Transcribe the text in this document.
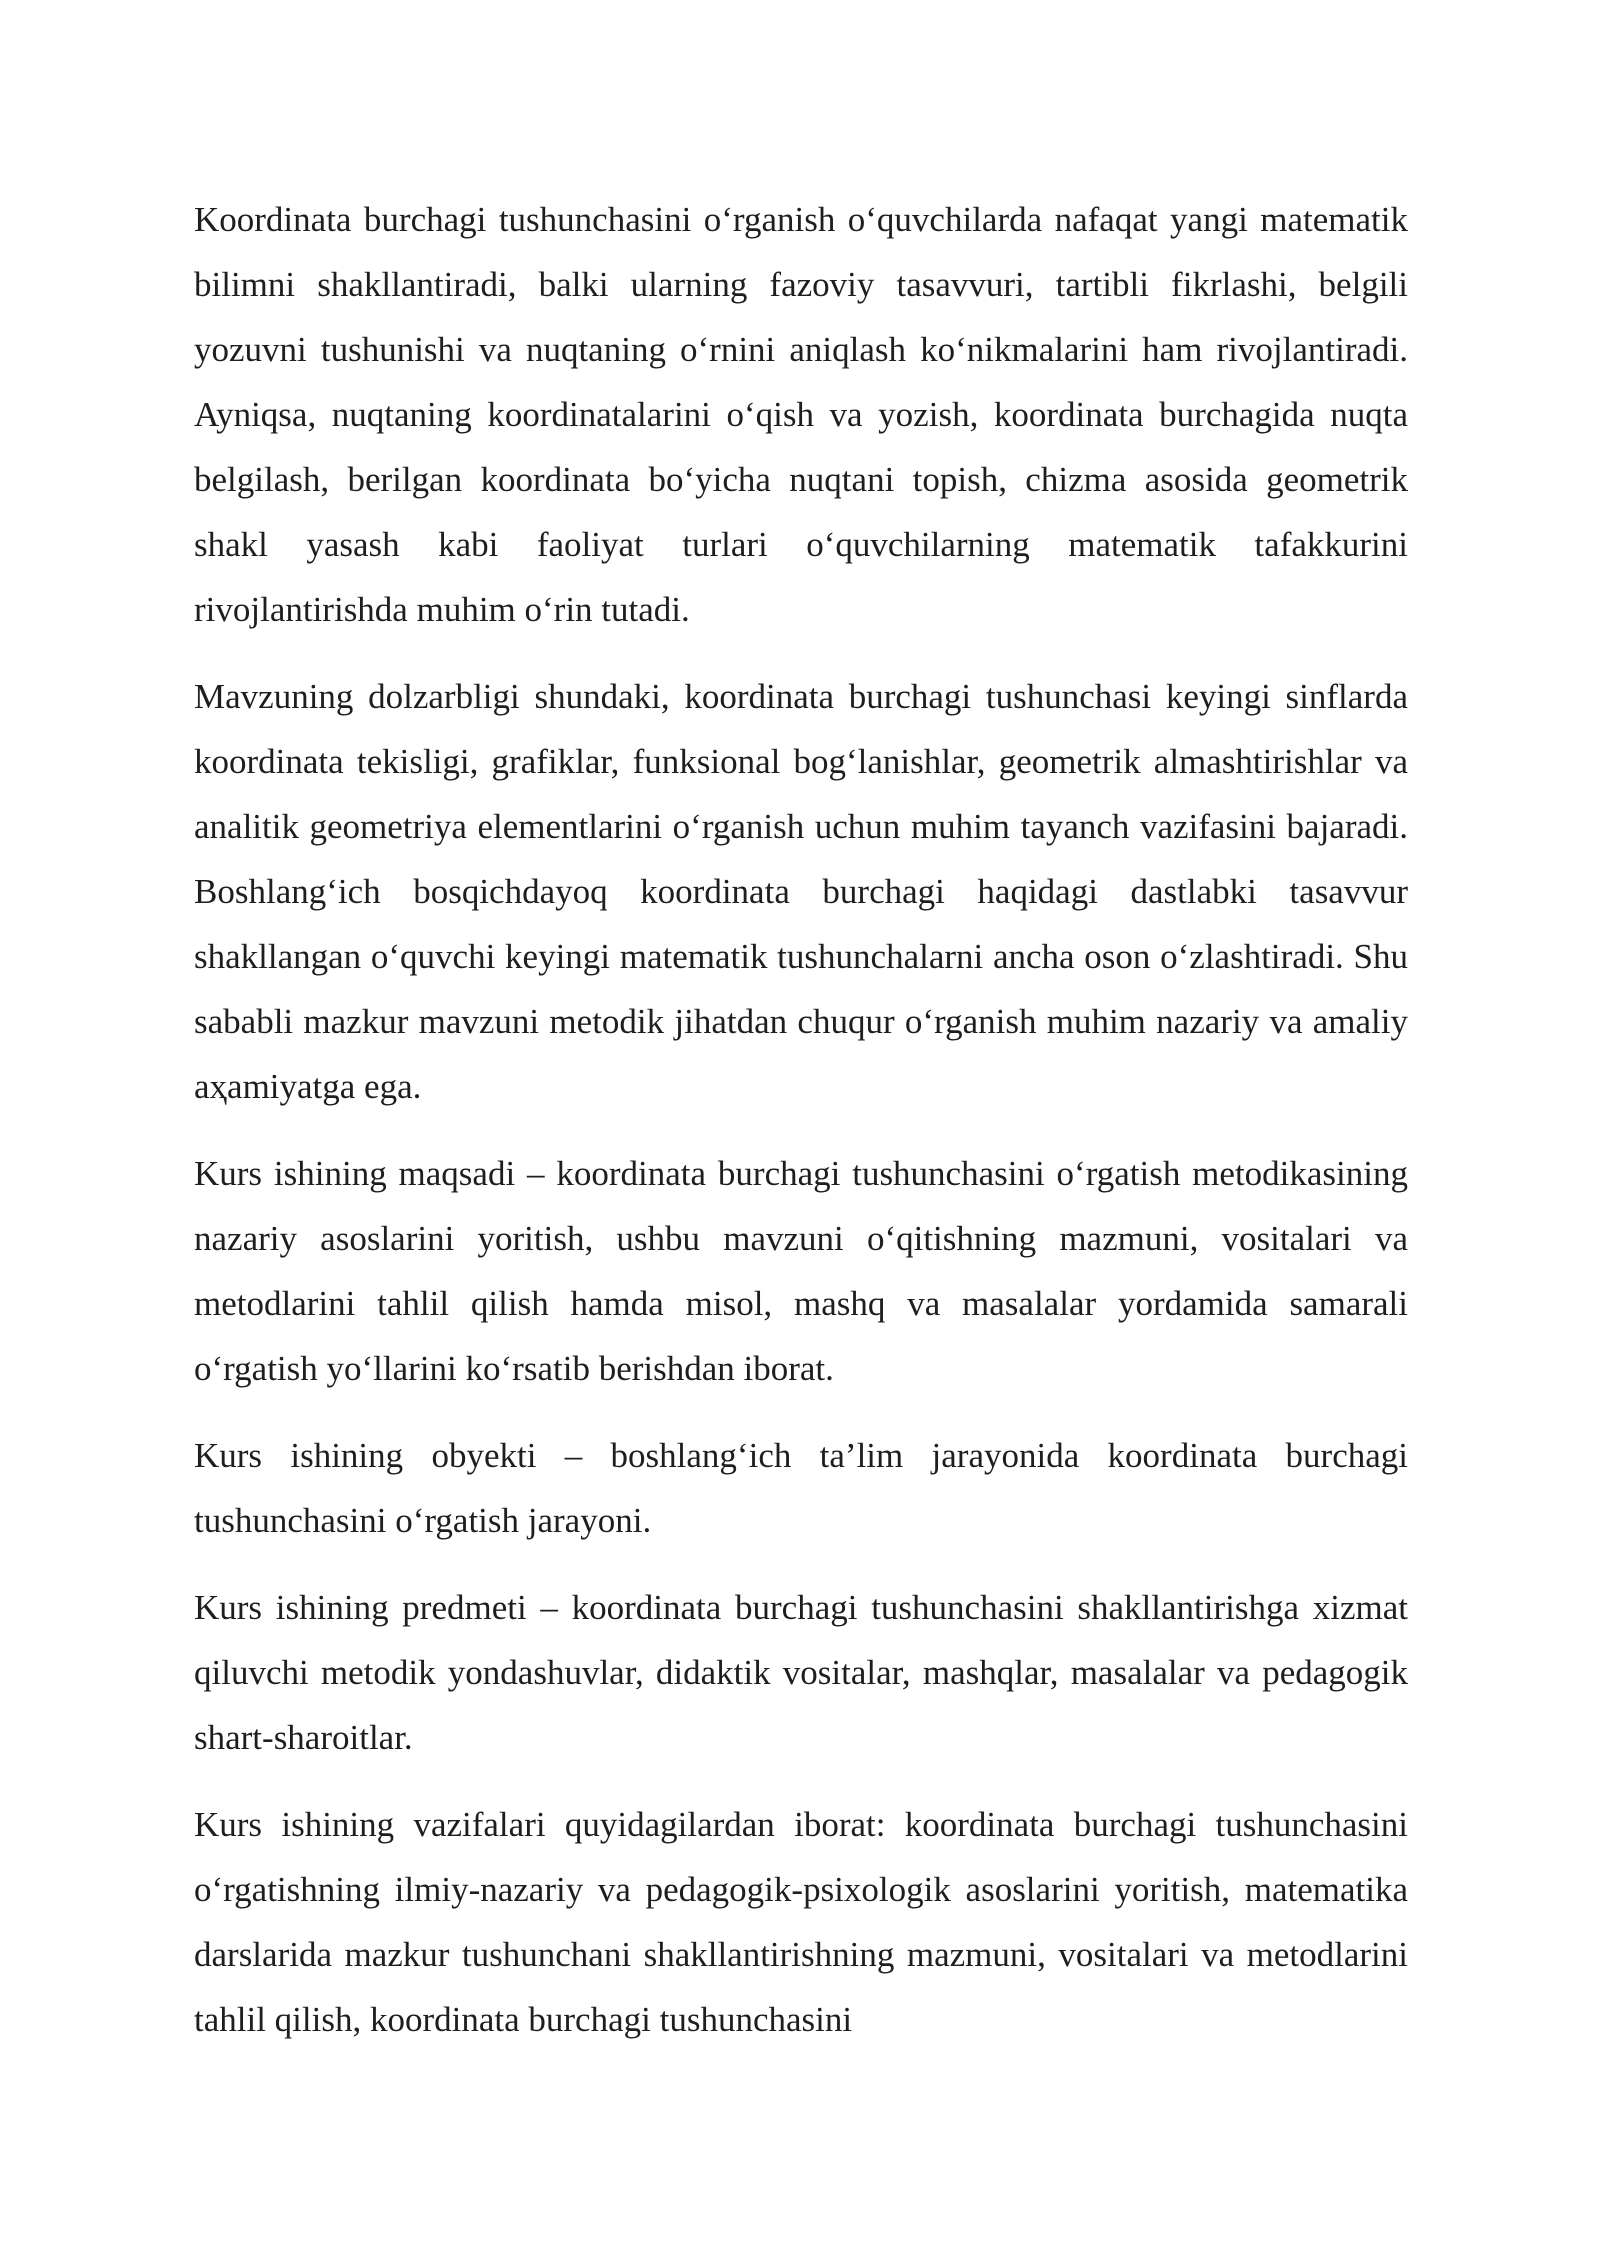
Koordinata burchagi tushunchasini o‘rganish o‘quvchilarda nafaqat yangi matematik bilimni shakllantiradi, balki ularning fazoviy tasavvuri, tartibli fikrlashi, belgili yozuvni tushunishi va nuqtaning o‘rnini aniqlash ko‘nikmalarini ham rivojlantiradi. Ayniqsa, nuqtaning koordinatalarini o‘qish va yozish, koordinata burchagida nuqta belgilash, berilgan koordinata bo‘yicha nuqtani topish, chizma asosida geometrik shakl yasash kabi faoliyat turlari o‘quvchilarning matematik tafakkurini rivojlantirishda muhim o‘rin tutadi.

Mavzuning dolzarbligi shundaki, koordinata burchagi tushunchasi keyingi sinflarda koordinata tekisligi, grafiklar, funksional bog‘lanishlar, geometrik almashtirishlar va analitik geometriya elementlarini o‘rganish uchun muhim tayanch vazifasini bajaradi. Boshlang‘ich bosqichdayoq koordinata burchagi haqidagi dastlabki tasavvur shakllangan o‘quvchi keyingi matematik tushunchalarni ancha oson o‘zlashtiradi. Shu sababli mazkur mavzuni metodik jihatdan chuqur o‘rganish muhim nazariy va amaliy aҳamiyatga ega.

Kurs ishining maqsadi – koordinata burchagi tushunchasini o‘rgatish metodikasining nazariy asoslarini yoritish, ushbu mavzuni o‘qitishning mazmuni, vositalari va metodlarini tahlil qilish hamda misol, mashq va masalalar yordamida samarali o‘rgatish yo‘llarini ko‘rsatib berishdan iborat.

Kurs ishining obyekti – boshlang‘ich ta’lim jarayonida koordinata burchagi tushunchasini o‘rgatish jarayoni.

Kurs ishining predmeti – koordinata burchagi tushunchasini shakllantirishga xizmat qiluvchi metodik yondashuvlar, didaktik vositalar, mashqlar, masalalar va pedagogik shart-sharoitlar.

Kurs ishining vazifalari quyidagilardan iborat: koordinata burchagi tushunchasini o‘rgatishning ilmiy-nazariy va pedagogik-psixologik asoslarini yoritish, matematika darslarida mazkur tushunchani shakllantirishning mazmuni, vositalari va metodlarini tahlil qilish, koordinata burchagi tushunchasini
